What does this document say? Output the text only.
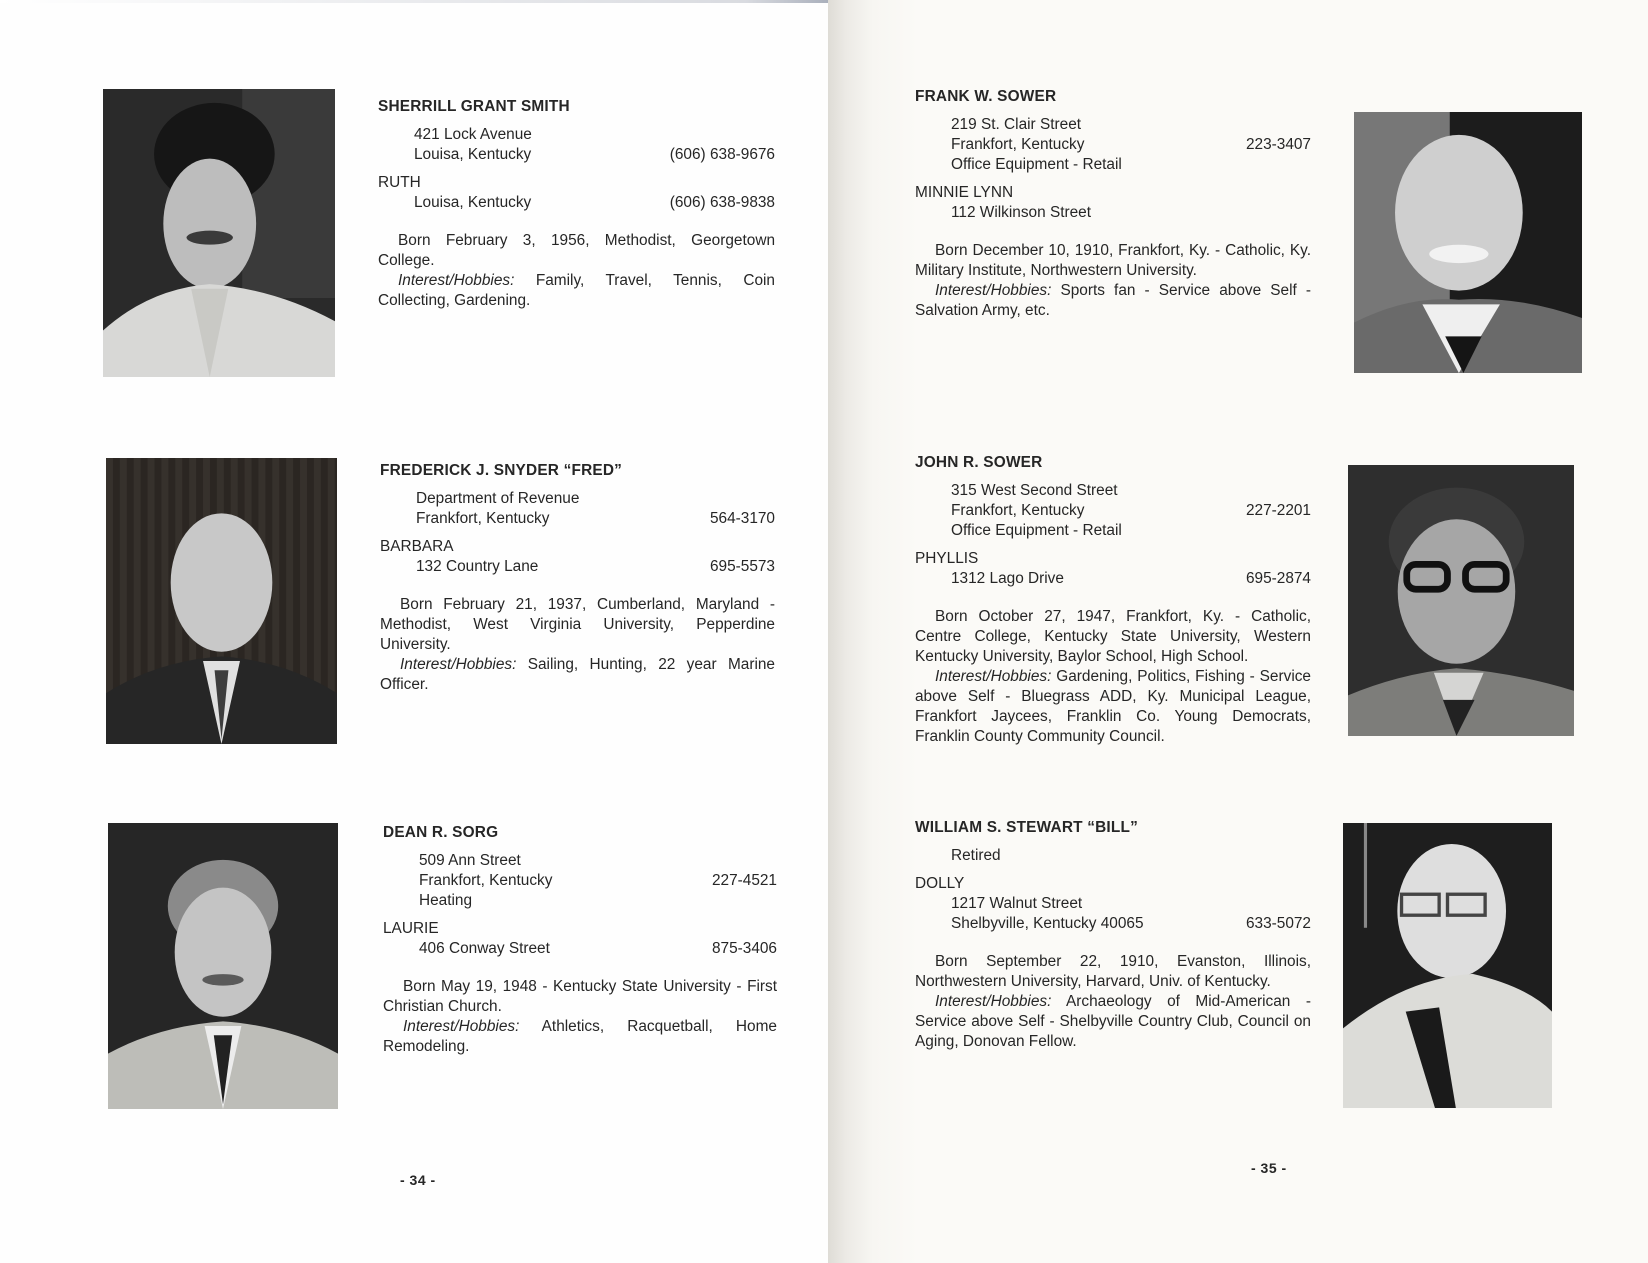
SHERRILL GRANT SMITH
421 Lock Avenue
Louisa, Kentucky	(606) 638-9676
RUTH
Louisa, Kentucky	(606) 638-9838

Born February 3, 1956, Methodist, Georgetown College.

Interest/Hobbies: Family, Travel, Tennis, Coin Collecting, Gardening.

FREDERICK J. SNYDER “FRED”
Department of Revenue
Frankfort, Kentucky	564-3170
BARBARA
132 Country Lane	695-5573

Born February 21, 1937, Cumberland, Maryland - Methodist, West Virginia University, Pepperdine University.

Interest/Hobbies: Sailing, Hunting, 22 year Marine Officer.

DEAN R. SORG
509 Ann Street
Frankfort, Kentucky	227-4521
Heating
LAURIE
406 Conway Street	875-3406

Born May 19, 1948 - Kentucky State University - First Christian Church.

Interest/Hobbies: Athletics, Racquetball, Home Remodeling.

- 34 -
FRANK W. SOWER
219 St. Clair Street
Frankfort, Kentucky	223-3407
Office Equipment - Retail
MINNIE LYNN
112 Wilkinson Street

Born December 10, 1910, Frankfort, Ky. - Catholic, Ky. Military Institute, Northwestern University.

Interest/Hobbies: Sports fan - Service above Self - Salvation Army, etc.

JOHN R. SOWER
315 West Second Street
Frankfort, Kentucky	227-2201
Office Equipment - Retail
PHYLLIS
1312 Lago Drive	695-2874

Born October 27, 1947, Frankfort, Ky. - Catholic, Centre College, Kentucky State University, Western Kentucky University, Baylor School, High School.

Interest/Hobbies: Gardening, Politics, Fishing - Service above Self - Bluegrass ADD, Ky. Municipal League, Frankfort Jaycees, Franklin Co. Young Democrats, Franklin County Community Council.

WILLIAM S. STEWART “BILL”
Retired
DOLLY
1217 Walnut Street
Shelbyville, Kentucky 40065	633-5072

Born September 22, 1910, Evanston, Illinois, Northwestern University, Harvard, Univ. of Kentucky.

Interest/Hobbies: Archaeology of Mid-American - Service above Self - Shelbyville Country Club, Council on Aging, Donovan Fellow.

- 35 -
